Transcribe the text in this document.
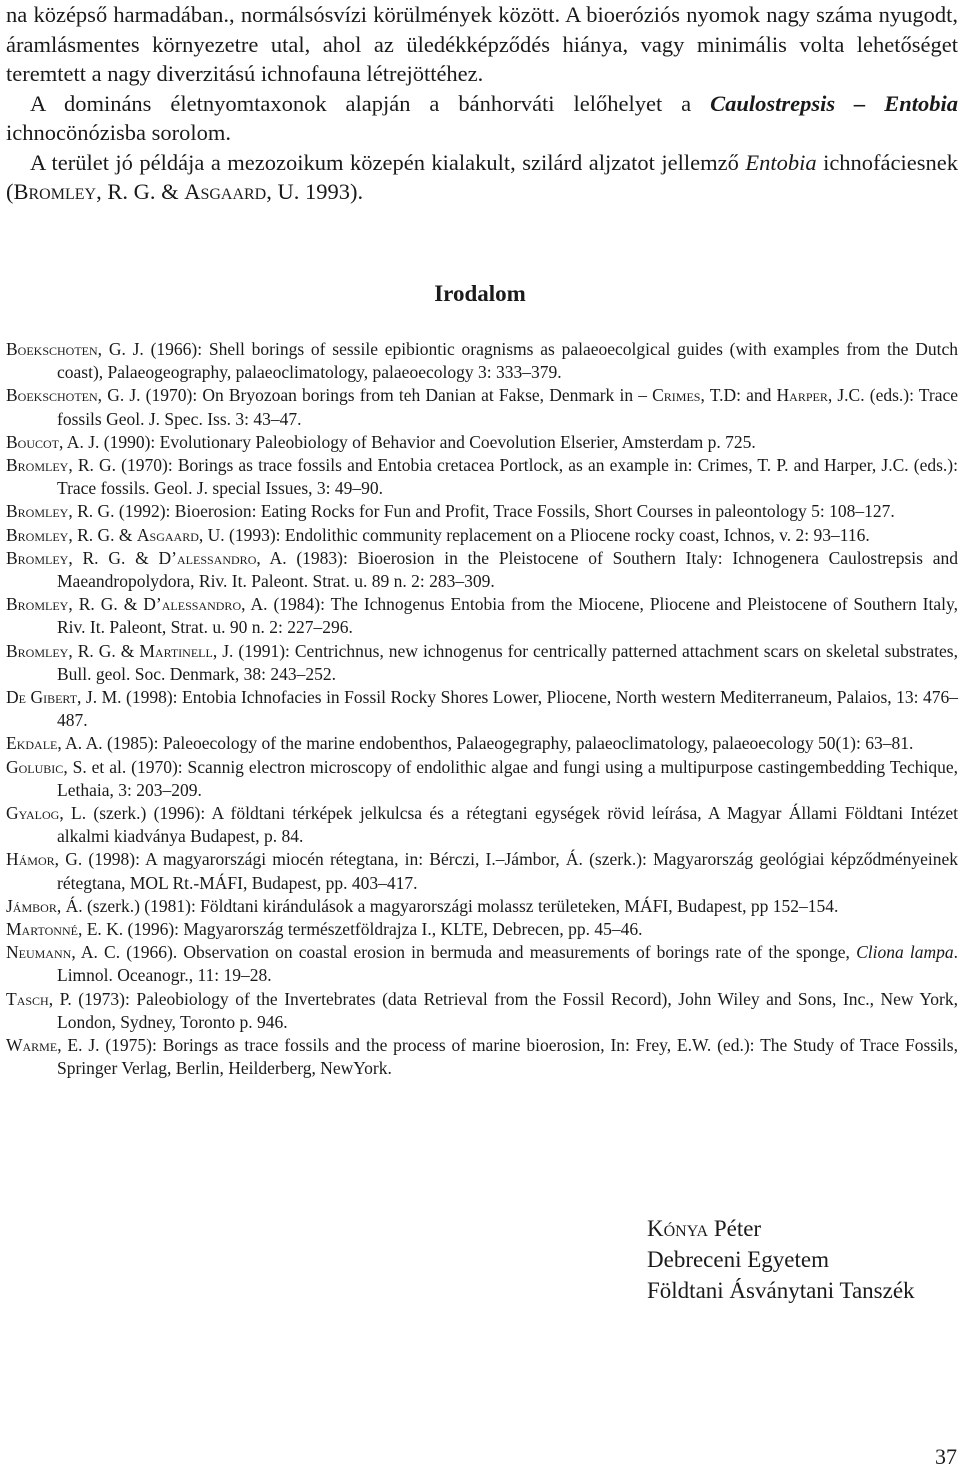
na középső harmadában., normálsósvízi körülmények között. A bioeróziós nyomok nagy száma nyugodt, áramlásmentes környezetre utal, ahol az üledékképződés hiánya, vagy minimális volta lehetőséget teremtett a nagy diverzitású ichnofauna létrejöttéhez.

A domináns életnyomtaxonok alapján a bánhorváti lelőhelyet a Caulostrepsis – Entobia ichnocönózisba sorolom.

A terület jó példája a mezozoikum közepén kialakult, szilárd aljzatot jellemző Entobia ichnofáciesnek (Bromley, R. G. & Asgaard, U. 1993).

Irodalom

Boekschoten, G. J. (1966): Shell borings of sessile epibiontic oragnisms as palaeoecolgical guides (with examples from the Dutch coast), Palaeogeography, palaeoclimatology, palaeoecology 3: 333–379.

Boekschoten, G. J. (1970): On Bryozoan borings from teh Danian at Fakse, Denmark in – Crimes, T.D: and Harper, J.C. (eds.): Trace fossils Geol. J. Spec. Iss. 3: 43–47.

Boucot, A. J. (1990): Evolutionary Paleobiology of Behavior and Coevolution Elserier, Amsterdam p. 725.

Bromley, R. G. (1970): Borings as trace fossils and Entobia cretacea Portlock, as an example in: Crimes, T. P. and Harper, J.C. (eds.): Trace fossils. Geol. J. special Issues, 3: 49–90.

Bromley, R. G. (1992): Bioerosion: Eating Rocks for Fun and Profit, Trace Fossils, Short Courses in paleontology 5: 108–127.

Bromley, R. G. & Asgaard, U. (1993): Endolithic community replacement on a Pliocene rocky coast, Ichnos, v. 2: 93–116.

Bromley, R. G. & D’alessandro, A. (1983): Bioerosion in the Pleistocene of Southern Italy: Ichnogenera Caulostrepsis and Maeandropolydora, Riv. It. Paleont. Strat. u. 89 n. 2: 283–309.

Bromley, R. G. & D’alessandro, A. (1984): The Ichnogenus Entobia from the Miocene, Pliocene and Pleistocene of Southern Italy, Riv. It. Paleont, Strat. u. 90 n. 2: 227–296.

Bromley, R. G. & Martinell, J. (1991): Centrichnus, new ichnogenus for centrically patterned attachment scars on skeletal substrates, Bull. geol. Soc. Denmark, 38: 243–252.

De Gibert, J. M. (1998): Entobia Ichnofacies in Fossil Rocky Shores Lower, Pliocene, North western Mediterraneum, Palaios, 13: 476–487.

Ekdale, A. A. (1985): Paleoecology of the marine endobenthos, Palaeogegraphy, palaeoclimatology, palaeoecology 50(1): 63–81.

Golubic, S. et al. (1970): Scannig electron microscopy of endolithic algae and fungi using a multipurpose castingembedding Techique, Lethaia, 3: 203–209.

Gyalog, L. (szerk.) (1996): A földtani térképek jelkulcsa és a rétegtani egységek rövid leírása, A Magyar Állami Földtani Intézet alkalmi kiadványa Budapest, p. 84.

Hámor, G. (1998): A magyarországi miocén rétegtana, in: Bérczi, I.–Jámbor, Á. (szerk.): Magyarország geológiai képződményeinek rétegtana, MOL Rt.-MÁFI, Budapest, pp. 403–417.

Jámbor, Á. (szerk.) (1981): Földtani kirándulások a magyarországi molassz területeken, MÁFI, Budapest, pp 152–154.

Martonné, E. K. (1996): Magyarország természetföldrajza I., KLTE, Debrecen, pp. 45–46.

Neumann, A. C. (1966). Observation on coastal erosion in bermuda and measurements of borings rate of the sponge, Cliona lampa. Limnol. Oceanogr., 11: 19–28.

Tasch, P. (1973): Paleobiology of the Invertebrates (data Retrieval from the Fossil Record), John Wiley and Sons, Inc., New York, London, Sydney, Toronto p. 946.

Warme, E. J. (1975): Borings as trace fossils and the process of marine bioerosion, In: Frey, E.W. (ed.): The Study of Trace Fossils, Springer Verlag, Berlin, Heilderberg, NewYork.

Kónya Péter
Debreceni Egyetem
Földtani Ásványtani Tanszék
37
